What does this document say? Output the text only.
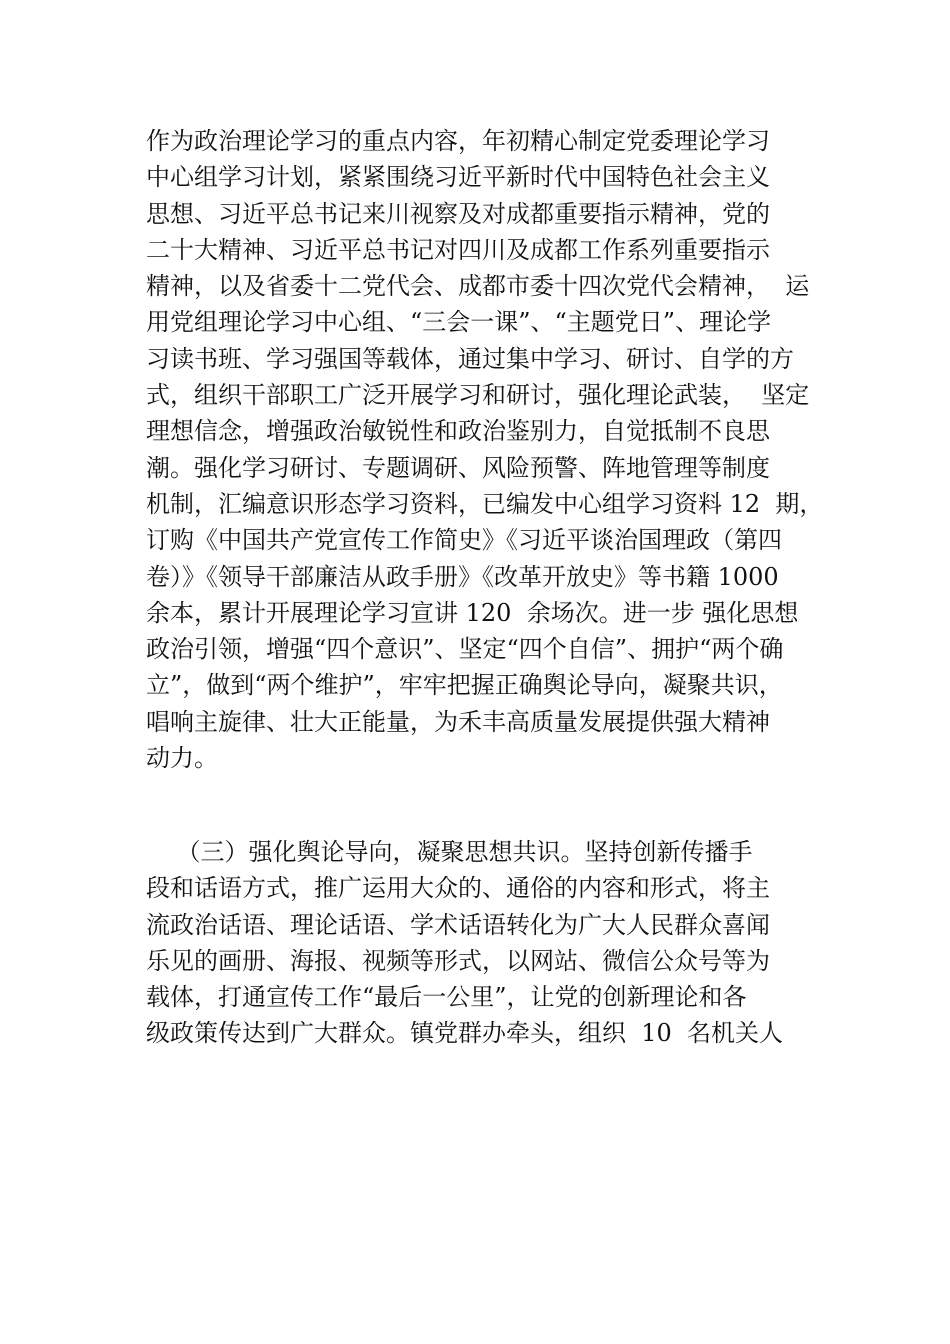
作为政治理论学习的重点内容，年初精心制定党委理论学习
中心组学习计划，紧紧围绕习近平新时代中国特色社会主义
思想、习近平总书记来川视察及对成都重要指示精神，党的
二十大精神、习近平总书记对四川及成都工作系列重要指示
精神，以及省委十二党代会、成都市委十四次党代会精神，  运
用党组理论学习中心组、“三会一课”、“主题党日”、理论学
习读书班、学习强国等载体，通过集中学习、研讨、自学的方
式，组织干部职工广泛开展学习和研讨，强化理论武装，  坚定
理想信念，增强政治敏锐性和政治鉴别力，自觉抵制不良思
潮。强化学习研讨、专题调研、风险预警、阵地管理等制度
机制，汇编意识形态学习资料，已编发中心组学习资料 12  期，
订购《中国共产党宣传工作简史》《习近平谈治国理政（第四
卷）》《领导干部廉洁从政手册》《改革开放史》等书籍 1000
余本，累计开展理论学习宣讲 120  余场次。进一步 强化思想
政治引领，增强“四个意识”、坚定“四个自信”、拥护“两个确
立”，做到“两个维护”，牢牢把握正确舆论导向，凝聚共识，
唱响主旋律、壮大正能量，为禾丰高质量发展提供强大精神
动力。
（三）强化舆论导向，凝聚思想共识。坚持创新传播手
段和话语方式，推广运用大众的、通俗的内容和形式，将主
流政治话语、理论话语、学术话语转化为广大人民群众喜闻
乐见的画册、海报、视频等形式，以网站、微信公众号等为
载体，打通宣传工作“最后一公里”，让党的创新理论和各
级政策传达到广大群众。镇党群办牵头，组织  10  名机关人
